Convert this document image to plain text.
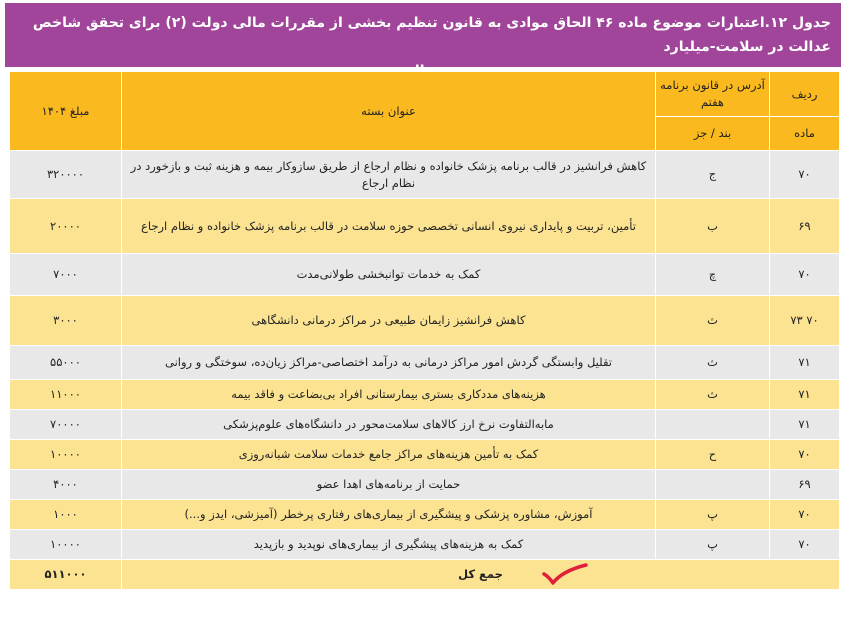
جدول ۱۲.اعتبارات موضوع ماده ۴۶ الحاق موادی به قانون تنظیم بخشی از مقررات مالی دولت (۲) برای تحقق شاخص عدالت در سلامت-میلیارد
ردیف	آدرس در قانون برنامه هفتم	عنوان بسته	مبلغ ۱۴۰۴
ماده	بند / جز		
۷۰	ج	کاهش فرانشیز در قالب برنامه پزشک خانواده و نظام ارجاع از طریق سازوکار بیمه و هزینه ثبت و بازخورد در نظام ارجاع	۳۲۰۰۰۰
۶۹	ب	تأمین، تربیت و پایداری نیروی انسانی تخصصی حوزه سلامت در قالب برنامه پزشک خانواده و نظام ارجاع	۲۰۰۰۰
۷۰	چ	کمک به خدمات توانبخشی طولانی‌مدت	۷۰۰۰
۷۰ ۷۳	ث	کاهش فرانشیز زایمان طبیعی در مراکز درمانی دانشگاهی	۳۰۰۰
۷۱	ث	تقلیل وابستگی گردش امور مراکز درمانی به درآمد اختصاصی-مراکز زیان‌ده، سوختگی و روانی	۵۵۰۰۰
۷۱	ث	هزینه‌های مددکاری بستری بیمارستانی افراد بی‌بضاعت و فاقد بیمه	۱۱۰۰۰
۷۱		مابه‌التفاوت نرخ ارز کالاهای سلامت‌محور در دانشگاه‌های علوم‌پزشکی	۷۰۰۰۰
۷۰	ح	کمک به تأمین هزینه‌های مراکز جامع خدمات سلامت شبانه‌روزی	۱۰۰۰۰
۶۹		حمایت از برنامه‌های اهدا عضو	۴۰۰۰
۷۰	پ	آموزش، مشاوره پزشکی و پیشگیری از بیماری‌های رفتاری پرخطر (آمیزشی، ایدز و...)	۱۰۰۰
۷۰	پ	کمک به هزینه‌های پیشگیری از بیماری‌های نوپدید و بازپدید	۱۰۰۰۰
جمع کل			۵۱۱۰۰۰
